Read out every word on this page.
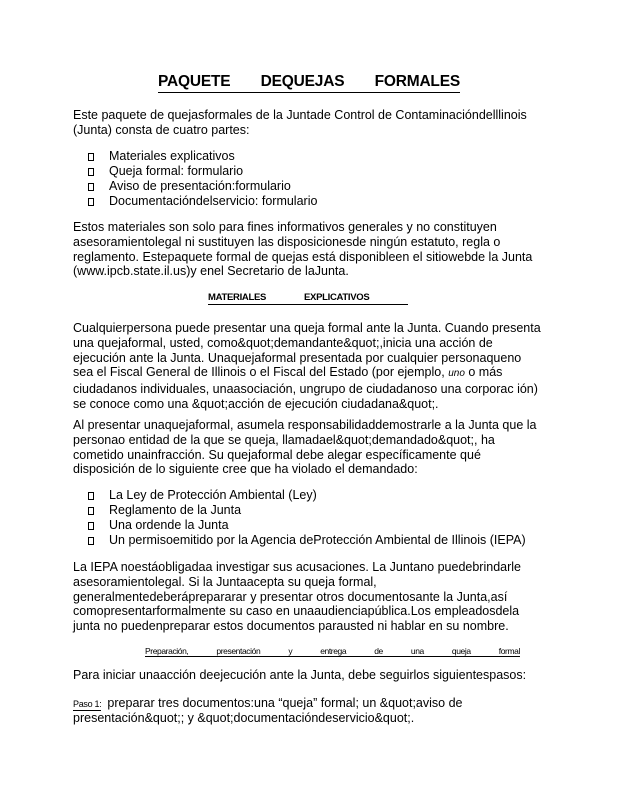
PAQUETE DEQUEJAS FORMALES

Este paquete de quejasformales de la Juntade Control de Contaminacióndelllinois (Junta) consta de cuatro partes:

Materiales explicativos
Queja formal: formulario
Aviso de presentación:formulario
Documentacióndelservicio: formulario

Estos materiales son solo para fines informativos generales y no constituyen asesoramientolegal ni sustituyen las disposicionesde ningún estatuto, regla o reglamento. Estepaquete formal de quejas está disponibleen el sitiowebde la Junta (www.ipcb.state.il.us)y enel Secretario de laJunta.

MATERIALES	EXPLICATIVOS

Cualquierpersona puede presentar una queja formal ante la Junta. Cuando presenta una quejaformal, usted, como&quot;demandante&quot;,inicia una acción de ejecución ante la Junta. Unaquejaformal presentada por cualquier personaqueno sea el Fiscal General de Illinois o el Fiscal del Estado (por ejemplo, uno o más ciudadanos individuales, unaasociación, ungrupo de ciudadanoso una corporac ión) se conoce como una &quot;acción de ejecución ciudadana&quot;.

Al presentar unaquejaformal, asumela responsabilidaddemostrarle a la Junta que la personao entidad de la que se queja, llamadael&quot;demandado&quot;, ha cometido unainfracción. Su quejaformal debe alegar específicamente qué disposición de lo siguiente cree que ha violado el demandado:

La Ley de Protección Ambiental (Ley)
Reglamento de la Junta
Una ordende la Junta
Un permisoemitido por la Agencia deProtección Ambiental de Illinois (IEPA)

La IEPA noestáobligadaa investigar sus acusaciones. La Juntano puedebrindarle asesoramientolegal. Si la Juntaacepta su queja formal, generalmentedeberáprepararar y presentar otros documentosante la Junta,así comopresentarformalmente su caso en unaaudienciapública.Los empleadosdela junta no puedenpreparar estos documentos parausted ni hablar en su nombre.

Preparación,	presentación	y	entrega	de	una	queja	formal

Para iniciar unaacción deejecución ante la Junta, debe seguirlos siguientespasos:

Paso 1: preparar tres documentos:una “queja” formal; un &quot;aviso de presentación&quot;; y &quot;documentacióndeservicio&quot;.
